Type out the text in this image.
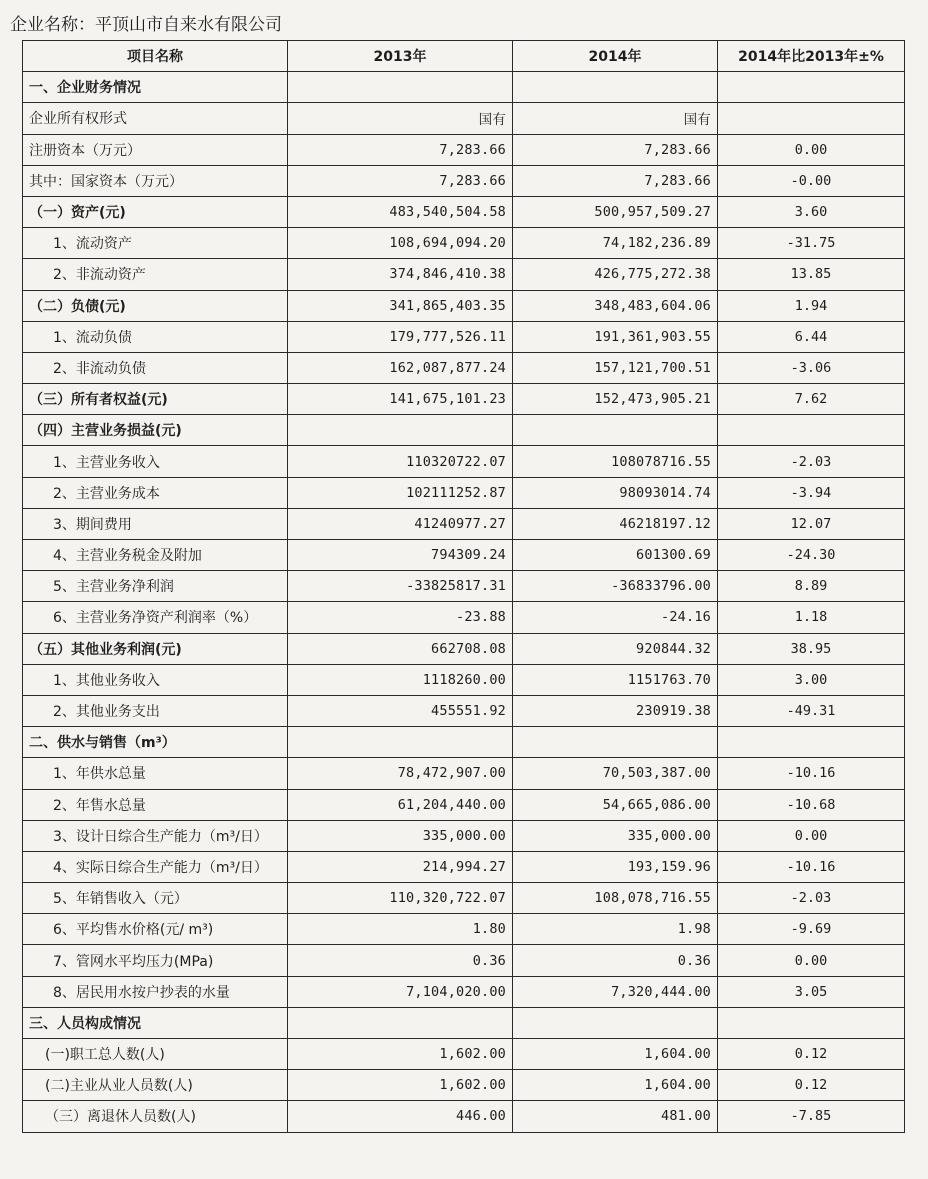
企业名称：平顶山市自来水有限公司
项目名称	2013年	2014年	2014年比2013年±%
一、企业财务情况			
企业所有权形式	国有	国有	
注册资本（万元）	7,283.66	7,283.66	0.00
其中：国家资本（万元）	7,283.66	7,283.66	-0.00
（一）资产(元)	483,540,504.58	500,957,509.27	3.60
1、流动资产	108,694,094.20	74,182,236.89	-31.75
2、非流动资产	374,846,410.38	426,775,272.38	13.85
（二）负债(元)	341,865,403.35	348,483,604.06	1.94
1、流动负债	179,777,526.11	191,361,903.55	6.44
2、非流动负债	162,087,877.24	157,121,700.51	-3.06
（三）所有者权益(元)	141,675,101.23	152,473,905.21	7.62
（四）主营业务损益(元)			
1、主营业务收入	110320722.07	108078716.55	-2.03
2、主营业务成本	102111252.87	98093014.74	-3.94
3、期间费用	41240977.27	46218197.12	12.07
4、主营业务税金及附加	794309.24	601300.69	-24.30
5、主营业务净利润	-33825817.31	-36833796.00	8.89
6、主营业务净资产利润率（%）	-23.88	-24.16	1.18
（五）其他业务利润(元)	662708.08	920844.32	38.95
1、其他业务收入	1118260.00	1151763.70	3.00
2、其他业务支出	455551.92	230919.38	-49.31
二、供水与销售（m³）			
1、年供水总量	78,472,907.00	70,503,387.00	-10.16
2、年售水总量	61,204,440.00	54,665,086.00	-10.68
3、设计日综合生产能力（m³/日）	335,000.00	335,000.00	0.00
4、实际日综合生产能力（m³/日）	214,994.27	193,159.96	-10.16
5、年销售收入（元）	110,320,722.07	108,078,716.55	-2.03
6、平均售水价格(元/ m³)	1.80	1.98	-9.69
7、管网水平均压力(MPa)	0.36	0.36	0.00
8、居民用水按户抄表的水量	7,104,020.00	7,320,444.00	3.05
三、人员构成情况			
(一)职工总人数(人)	1,602.00	1,604.00	0.12
(二)主业从业人员数(人)	1,602.00	1,604.00	0.12
（三）离退休人员数(人)	446.00	481.00	-7.85
